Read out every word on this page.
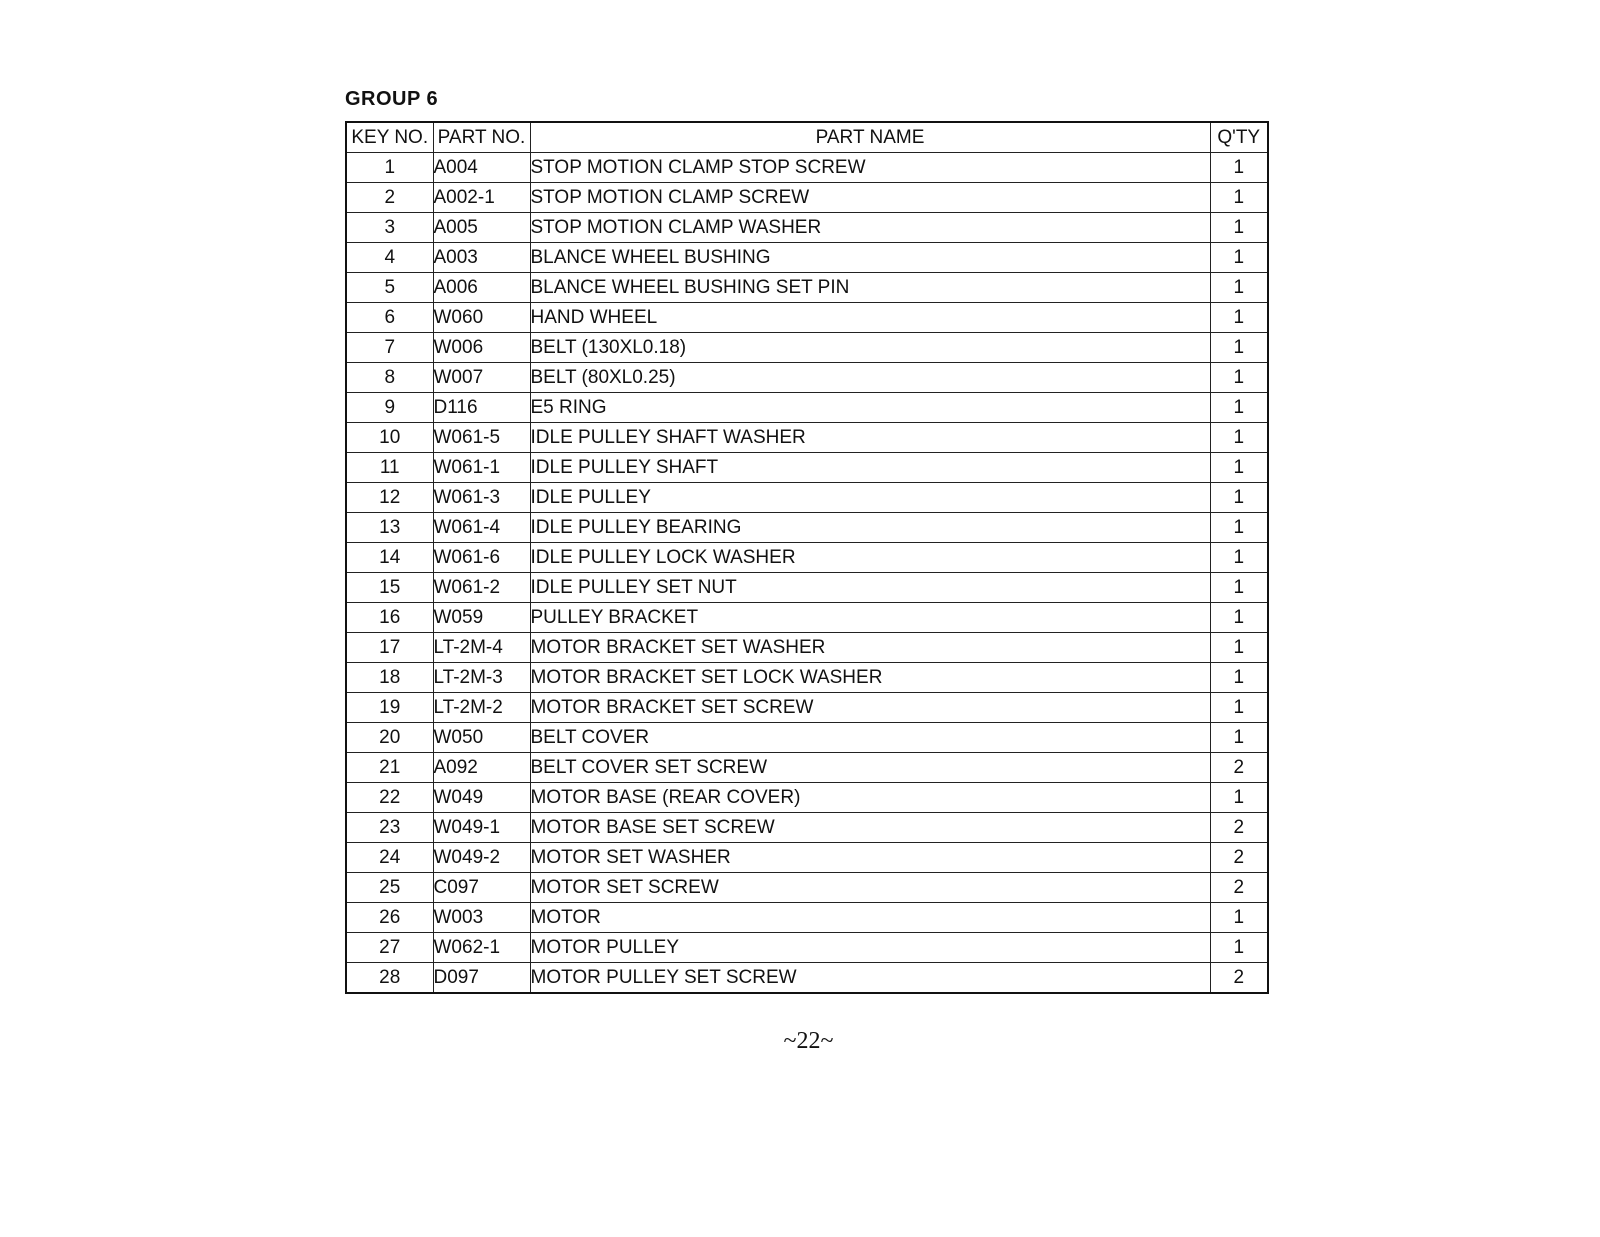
GROUP 6
KEY NO.	PART NO.	PART NAME	Q'TY
1	A004	STOP MOTION CLAMP STOP SCREW	1
2	A002-1	STOP MOTION CLAMP SCREW	1
3	A005	STOP MOTION CLAMP WASHER	1
4	A003	BLANCE WHEEL BUSHING	1
5	A006	BLANCE WHEEL BUSHING SET PIN	1
6	W060	HAND WHEEL	1
7	W006	BELT (130XL0.18)	1
8	W007	BELT (80XL0.25)	1
9	D116	E5 RING	1
10	W061-5	IDLE PULLEY SHAFT WASHER	1
11	W061-1	IDLE PULLEY SHAFT	1
12	W061-3	IDLE PULLEY	1
13	W061-4	IDLE PULLEY BEARING	1
14	W061-6	IDLE PULLEY LOCK WASHER	1
15	W061-2	IDLE PULLEY SET NUT	1
16	W059	PULLEY BRACKET	1
17	LT-2M-4	MOTOR BRACKET SET WASHER	1
18	LT-2M-3	MOTOR BRACKET SET LOCK WASHER	1
19	LT-2M-2	MOTOR BRACKET SET SCREW	1
20	W050	BELT COVER	1
21	A092	BELT COVER SET SCREW	2
22	W049	MOTOR BASE (REAR COVER)	1
23	W049-1	MOTOR BASE SET SCREW	2
24	W049-2	MOTOR SET WASHER	2
25	C097	MOTOR SET SCREW	2
26	W003	MOTOR	1
27	W062-1	MOTOR PULLEY	1
28	D097	MOTOR PULLEY SET SCREW	2
~22~
